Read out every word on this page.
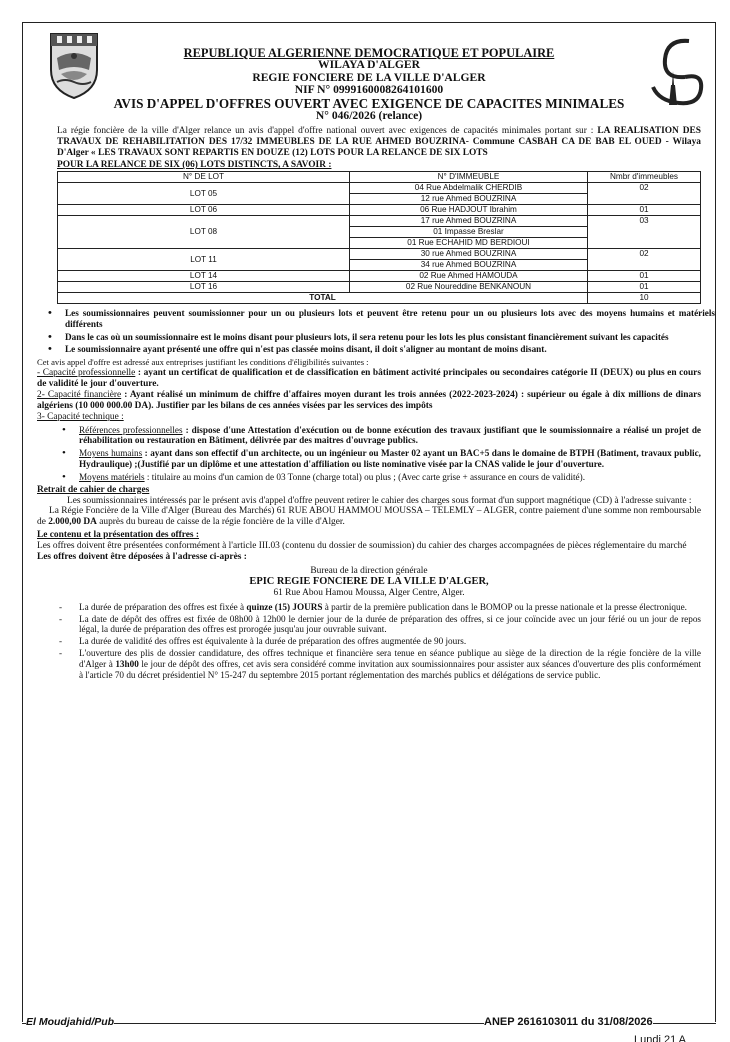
REPUBLIQUE ALGERIENNE DEMOCRATIQUE ET POPULAIRE
WILAYA D'ALGER
REGIE FONCIERE DE LA VILLE D'ALGER
NIF N° 0999160008264101600
AVIS D'APPEL D'OFFRES OUVERT AVEC EXIGENCE DE CAPACITES MINIMALES
N° 046/2026 (relance)

La régie foncière de la ville d'Alger relance un avis d'appel d'offre national ouvert avec exigences de capacités minimales portant sur : LA REALISATION DES TRAVAUX DE REHABILITATION DES 17/32 IMMEUBLES DE LA RUE AHMED BOUZRINA- Commune CASBAH CA DE BAB EL OUED - Wilaya D'Alger « LES TRAVAUX SONT REPARTIS EN DOUZE (12) LOTS POUR LA RELANCE DE SIX LOTS

POUR LA RELANCE DE SIX (06) LOTS DISTINCTS, A SAVOIR :
N° DE LOT	N° D'IMMEUBLE	Nmbr d'immeubles
LOT 05	04 Rue Abdelmalik CHERDIB	02
	12 rue Ahmed BOUZRINA	
LOT 06	06 Rue HADJOUT Ibrahim	01
LOT 08	17 rue Ahmed BOUZRINA	03
	01 Impasse Breslar	
	01 Rue ECHAHID MD BERDIOUI	
LOT 11	30 rue Ahmed BOUZRINA	02
	34 rue Ahmed BOUZRINA	
LOT 14	02 Rue Ahmed HAMOUDA	01
LOT 16	02 Rue Noureddine BENKANOUN	01
TOTAL		10
• Les soumissionnaires peuvent soumissionner pour un ou plusieurs lots et peuvent être retenu pour un ou plusieurs lots avec des moyens humains et matériels différents
• Dans le cas où un soumissionnaire est le moins disant pour plusieurs lots, il sera retenu pour les lots les plus consistant financièrement suivant les capacités
• Le soumissionnaire ayant présenté une offre qui n'est pas classée moins disant, il doit s'aligner au montant de moins disant.

Cet avis appel d'offre est adressé aux entreprises justifiant les conditions d'éligibilités suivantes :

- Capacité professionnelle : ayant un certificat de qualification et de classification en bâtiment activité principales ou secondaires catégorie II (DEUX) ou plus en cours de validité le jour d'ouverture.

2- Capacité financière : Ayant réalisé un minimum de chiffre d'affaires moyen durant les trois années (2022-2023-2024) : supérieur ou égale à dix millions de dinars algériens (10 000 000.00 DA). Justifier par les bilans de ces années visées par les services des impôts

3- Capacité technique :

• Références professionnelles : dispose d'une Attestation d'exécution ou de bonne exécution des travaux justifiant que le soumissionnaire a réalisé un projet de réhabilitation ou restauration en Bâtiment, délivrée par des maitres d'ouvrage publics.
• Moyens humains : ayant dans son effectif d'un architecte, ou un ingénieur ou Master 02 ayant un BAC+5 dans le domaine de BTPH (Batiment, travaux public, Hydraulique) ;(Justifié par un diplôme et une attestation d'affiliation ou liste nominative visée par la CNAS valide le jour d'ouverture.
• Moyens matériels : titulaire au moins d'un camion de 03 Tonne (charge total) ou plus ; (Avec carte grise + assurance en cours de validité).

Retrait de cahier de charges

Les soumissionnaires intéressés par le présent avis d'appel d'offre peuvent retirer le cahier des charges sous format d'un support magnétique (CD) à l'adresse suivante :

La Régie Foncière de la Ville d'Alger (Bureau des Marchés) 61 RUE ABOU HAMMOU MOUSSA – TELEMLY – ALGER, contre paiement d'une somme non remboursable de 2.000,00 DA auprès du bureau de caisse de la régie foncière de la ville d'Alger.

Le contenu et la présentation des offres :

Les offres doivent être présentées conformément à l'article III.03 (contenu du dossier de soumission) du cahier des charges accompagnées de pièces réglementaire du marché

Les offres doivent être déposées à l'adresse ci-après :

Bureau de la direction générale
EPIC REGIE FONCIERE DE LA VILLE D'ALGER,
61 Rue Abou Hamou Moussa, Alger Centre, Alger.
- La durée de préparation des offres est fixée à quinze (15) JOURS à partir de la première publication dans le BOMOP ou la presse nationale et la presse électronique.
- La date de dépôt des offres est fixée de 08h00 à 12h00 le dernier jour de la durée de préparation des offres, si ce jour coïncide avec un jour férié ou un jour de repos légal, la durée de préparation des offres est prorogée jusqu'au jour ouvrable suivant.
- La durée de validité des offres est équivalente à la durée de préparation des offres augmentée de 90 jours.
- L'ouverture des plis de dossier candidature, des offres technique et financière sera tenue en séance publique au siège de la direction de la régie foncière de la ville d'Alger à 13h00 le jour de dépôt des offres, cet avis sera considéré comme invitation aux soumissionnaires pour assister aux séances d'ouverture des plis conformément à l'article 70 du décret présidentiel N° 15-247 du septembre 2015 portant réglementation des marchés publics et délégations de service public.
El Moudjahid/Pub	ANEP 2616103011 du 31/08/2026
Lundi 21 A
